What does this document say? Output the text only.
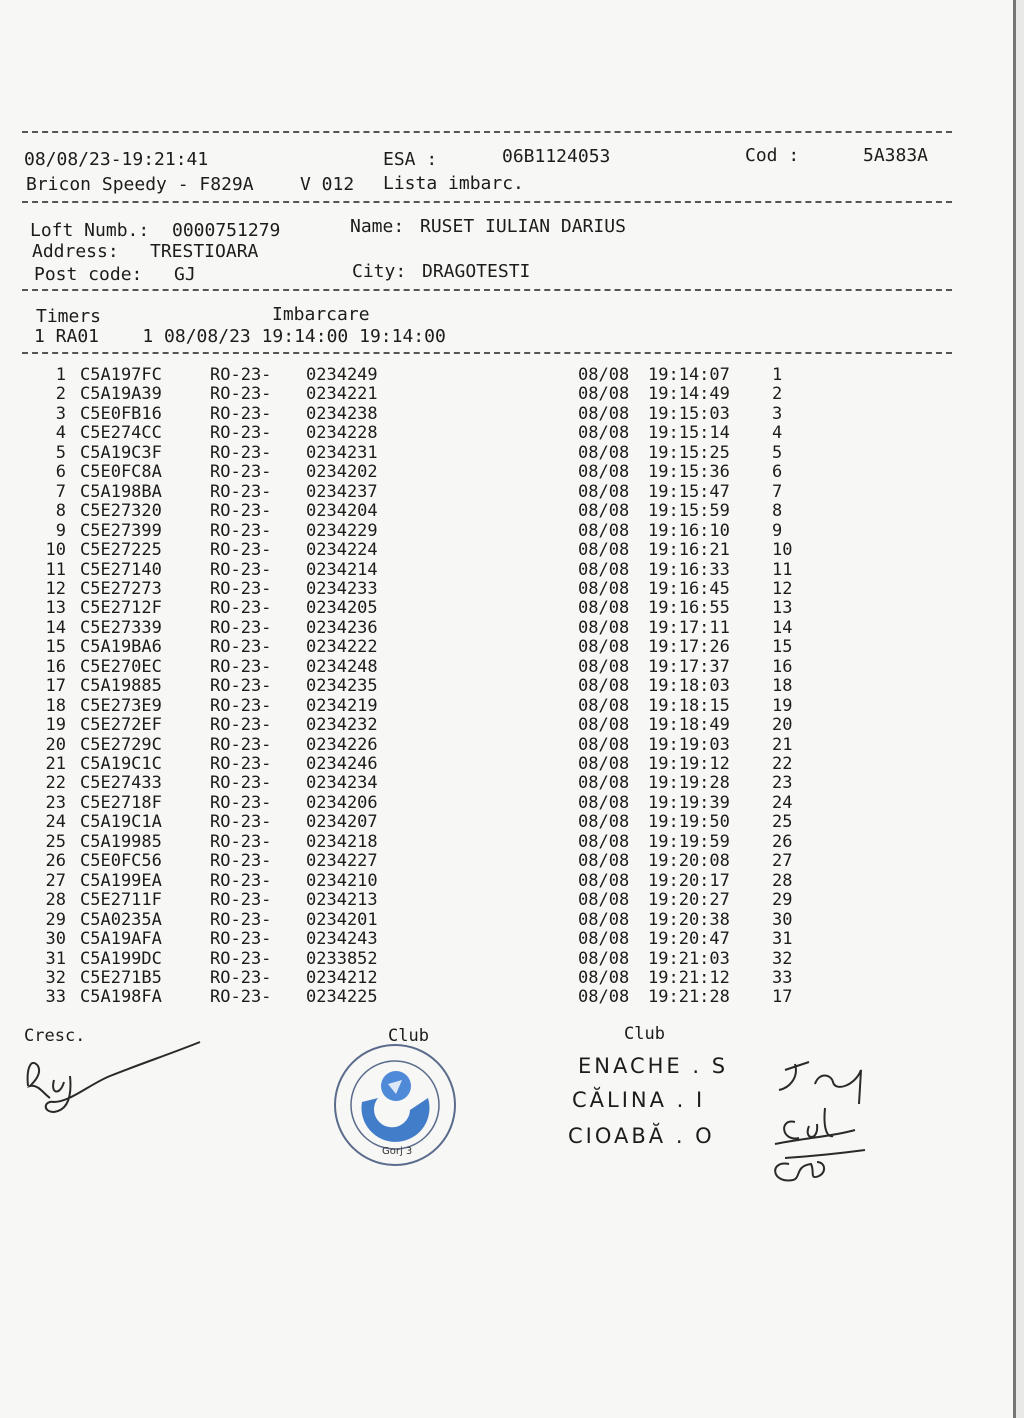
08/08/23-19:21:41	ESA :	06B1124053	Cod :	5A383A
Bricon Speedy - F829A	V 012 Lista imbarc.
Loft Numb.: 0000751279	Name: RUSET IULIAN DARIUS
Address: TRESTIOARA
Post code: GJ	City: DRAGOTESTI
Timers	Imbarcare
1 RA01    1 08/08/23 19:14:00 19:14:00
1 C5A197FC	RO-23- 0234249	08/08 19:14:07 1
2 C5A19A39	RO-23- 0234221	08/08 19:14:49 2
3 C5E0FB16	RO-23- 0234238	08/08 19:15:03 3
4 C5E274CC	RO-23- 0234228	08/08 19:15:14 4
5 C5A19C3F	RO-23- 0234231	08/08 19:15:25 5
6 C5E0FC8A	RO-23- 0234202	08/08 19:15:36 6
7 C5A198BA	RO-23- 0234237	08/08 19:15:47 7
8 C5E27320	RO-23- 0234204	08/08 19:15:59 8
9 C5E27399	RO-23- 0234229	08/08 19:16:10 9
10 C5E27225	RO-23- 0234224	08/08 19:16:21 10
11 C5E27140	RO-23- 0234214	08/08 19:16:33 11
12 C5E27273	RO-23- 0234233	08/08 19:16:45 12
13 C5E2712F	RO-23- 0234205	08/08 19:16:55 13
14 C5E27339	RO-23- 0234236	08/08 19:17:11 14
15 C5A19BA6	RO-23- 0234222	08/08 19:17:26 15
16 C5E270EC	RO-23- 0234248	08/08 19:17:37 16
17 C5A19885	RO-23- 0234235	08/08 19:18:03 18
18 C5E273E9	RO-23- 0234219	08/08 19:18:15 19
19 C5E272EF	RO-23- 0234232	08/08 19:18:49 20
20 C5E2729C	RO-23- 0234226	08/08 19:19:03 21
21 C5A19C1C	RO-23- 0234246	08/08 19:19:12 22
22 C5E27433	RO-23- 0234234	08/08 19:19:28 23
23 C5E2718F	RO-23- 0234206	08/08 19:19:39 24
24 C5A19C1A	RO-23- 0234207	08/08 19:19:50 25
25 C5A19985	RO-23- 0234218	08/08 19:19:59 26
26 C5E0FC56	RO-23- 0234227	08/08 19:20:08 27
27 C5A199EA	RO-23- 0234210	08/08 19:20:17 28
28 C5E2711F	RO-23- 0234213	08/08 19:20:27 29
29 C5A0235A	RO-23- 0234201	08/08 19:20:38 30
30 C5A19AFA	RO-23- 0234243	08/08 19:20:47 31
31 C5A199DC	RO-23- 0233852	08/08 19:21:03 32
32 C5E271B5	RO-23- 0234212	08/08 19:21:12 33
33 C5A198FA	RO-23- 0234225	08/08 19:21:28 17
Cresc.	Club	Club
Gorj 3
ENACHE . S
CĂLINA . I
CIOABĂ . O
